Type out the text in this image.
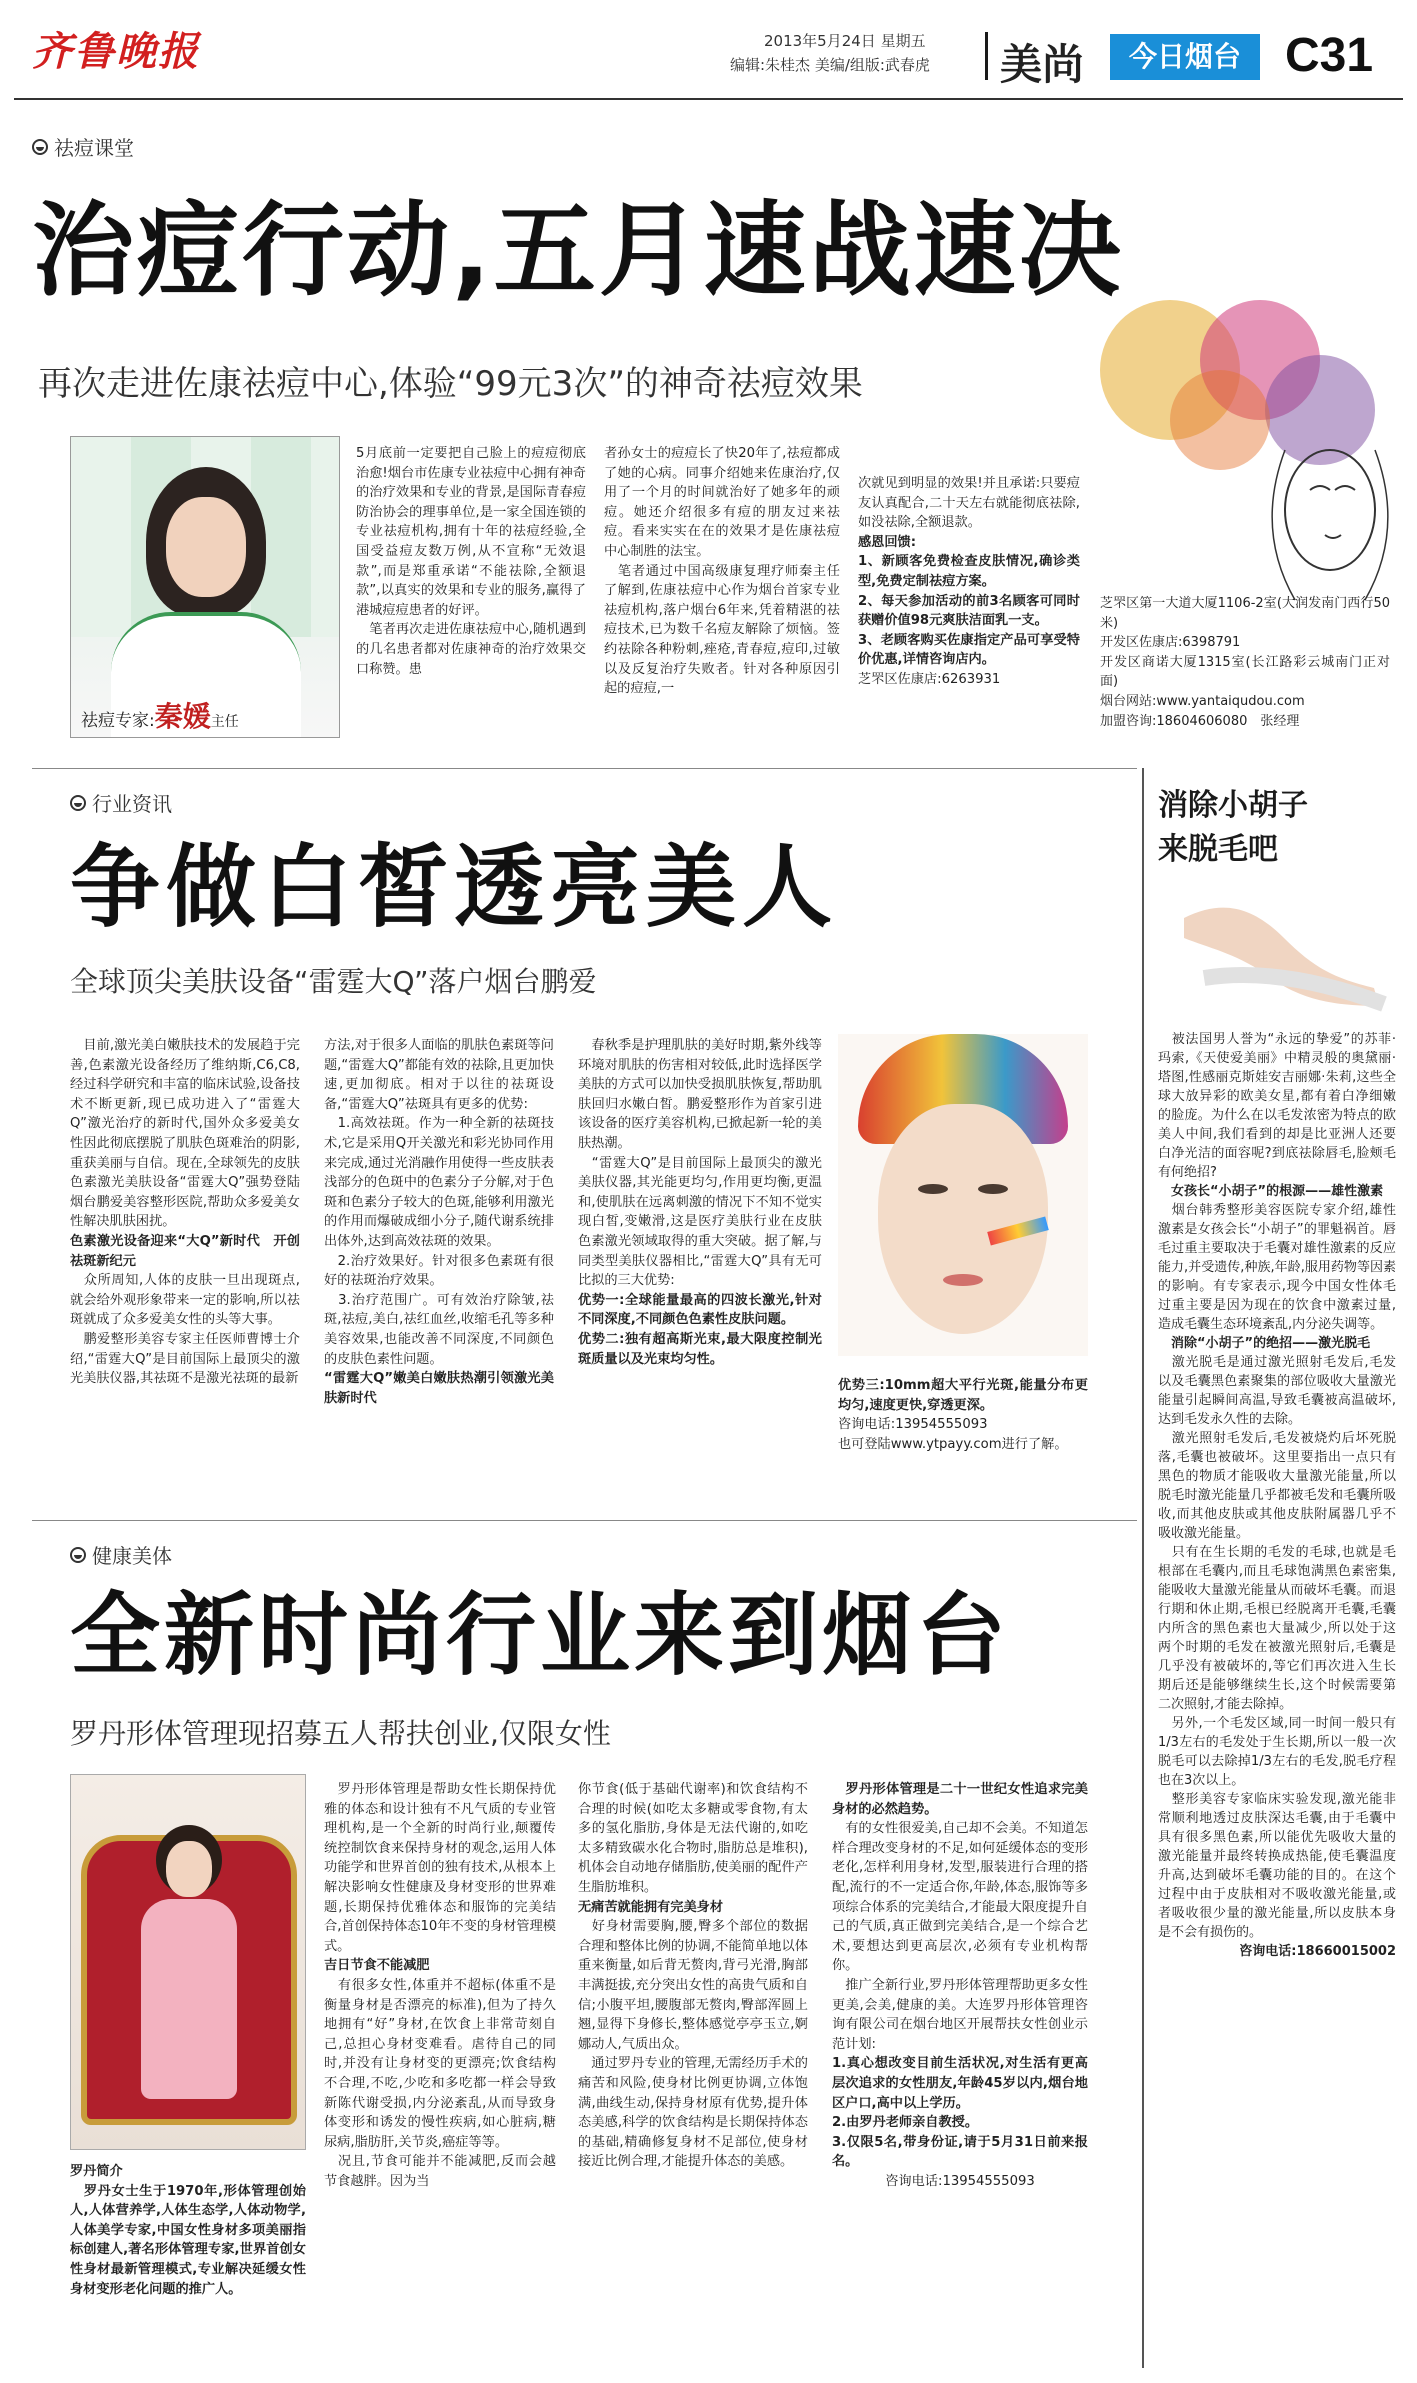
齐鲁晚报	2013年5月24日 星期五
编辑:朱桂杰 美编/组版:武春虎 美尚	今日烟台 C31
祛痘课堂
治痘行动,五月速战速决
再次走进佐康祛痘中心,体验“99元3次”的神奇祛痘效果
祛痘专家:秦媛主任
5月底前一定要把自己脸上的痘痘彻底治愈!烟台市佐康专业祛痘中心拥有神奇的治疗效果和专业的背景,是国际青春痘防治协会的理事单位,是一家全国连锁的专业祛痘机构,拥有十年的祛痘经验,全国受益痘友数万例,从不宣称“无效退款”,而是郑重承诺“不能祛除,全额退款”,以真实的效果和专业的服务,赢得了港城痘痘患者的好评。
　笔者再次走进佐康祛痘中心,随机遇到的几名患者都对佐康神奇的治疗效果交口称赞。患
者孙女士的痘痘长了快20年了,祛痘都成了她的心病。同事介绍她来佐康治疗,仅用了一个月的时间就治好了她多年的顽痘。她还介绍很多有痘的朋友过来祛痘。看来实实在在的效果才是佐康祛痘中心制胜的法宝。
　笔者通过中国高级康复理疗师秦主任了解到,佐康祛痘中心作为烟台首家专业祛痘机构,落户烟台6年来,凭着精湛的祛痘技术,已为数千名痘友解除了烦恼。签约祛除各种粉刺,痤疮,青春痘,痘印,过敏以及反复治疗失败者。针对各种原因引起的痘痘,一
次就见到明显的效果!并且承诺:只要痘友认真配合,二十天左右就能彻底祛除,如没祛除,全额退款。
感恩回馈:
1、新顾客免费检查皮肤情况,确诊类型,免费定制祛痘方案。
2、每天参加活动的前3名顾客可同时获赠价值98元爽肤洁面乳一支。
3、老顾客购买佐康指定产品可享受特价优惠,详情咨询店内。
芝罘区佐康店:6263931
芝罘区第一大道大厦1106-2室(大润发南门西行50米)
开发区佐康店:6398791
开发区商诺大厦1315室(长江路彩云城南门正对面)
烟台网站:www.yantaiqudou.com
加盟咨询:18604606080　张经理
行业资讯
争做白皙透亮美人
全球顶尖美肤设备“雷霆大Q”落户烟台鹏爱
　目前,激光美白嫩肤技术的发展趋于完善,色素激光设备经历了维纳斯,C6,C8,经过科学研究和丰富的临床试验,设备技术不断更新,现已成功进入了“雷霆大Q”激光治疗的新时代,国外众多爱美女性因此彻底摆脱了肌肤色斑难治的阴影,重获美丽与自信。现在,全球领先的皮肤色素激光美肤设备“雷霆大Q”强势登陆烟台鹏爱美容整形医院,帮助众多爱美女性解决肌肤困扰。
色素激光设备迎来“大Q”新时代　开创祛斑新纪元
　众所周知,人体的皮肤一旦出现斑点,就会给外观形象带来一定的影响,所以祛斑就成了众多爱美女性的头等大事。
　鹏爱整形美容专家主任医师曹博士介绍,“雷霆大Q”是目前国际上最顶尖的激光美肤仪器,其祛斑不是激光祛斑的最新
方法,对于很多人面临的肌肤色素斑等问题,“雷霆大Q”都能有效的祛除,且更加快速,更加彻底。相对于以往的祛斑设备,“雷霆大Q”祛斑具有更多的优势:
　1.高效祛斑。作为一种全新的祛斑技术,它是采用Q开关激光和彩光协同作用来完成,通过光消融作用使得一些皮肤表浅部分的色斑中的色素分子分解,对于色斑和色素分子较大的色斑,能够利用激光的作用而爆破成细小分子,随代谢系统排出体外,达到高效祛斑的效果。
　2.治疗效果好。针对很多色素斑有很好的祛斑治疗效果。
　3.治疗范围广。可有效治疗除皱,祛斑,祛痘,美白,祛红血丝,收缩毛孔等多种美容效果,也能改善不同深度,不同颜色的皮肤色素性问题。
“雷霆大Q”嫩美白嫩肤热潮引领激光美肤新时代
　春秋季是护理肌肤的美好时期,紫外线等环境对肌肤的伤害相对较低,此时选择医学美肤的方式可以加快受损肌肤恢复,帮助肌肤回归水嫩白皙。鹏爱整形作为首家引进该设备的医疗美容机构,已掀起新一轮的美肤热潮。
　“雷霆大Q”是目前国际上最顶尖的激光美肤仪器,其光能更均匀,作用更均衡,更温和,使肌肤在远离刺激的情况下不知不觉实现白皙,变嫩滑,这是医疗美肤行业在皮肤色素激光领域取得的重大突破。据了解,与同类型美肤仪器相比,“雷霆大Q”具有无可比拟的三大优势:
优势一:全球能量最高的四波长激光,针对不同深度,不同颜色色素性皮肤问题。
优势二:独有超高斯光束,最大限度控制光斑质量以及光束均匀性。
优势三:10mm超大平行光斑,能量分布更均匀,速度更快,穿透更深。
咨询电话:13954555093
也可登陆www.ytpayy.com进行了解。
消除小胡子
来脱毛吧
　被法国男人誉为“永远的挚爱”的苏菲·玛索,《天使爱美丽》中精灵般的奥黛丽·塔图,性感丽克斯娃安吉丽娜·朱莉,这些全球大放异彩的欧美女星,都有着白净细嫩的脸庞。为什么在以毛发浓密为特点的欧美人中间,我们看到的却是比亚洲人还要白净光洁的面容呢?到底祛除唇毛,脸颊毛有何绝招?
　女孩长“小胡子”的根源——雄性激素
　烟台韩秀整形美容医院专家介绍,雄性激素是女孩会长“小胡子”的罪魁祸首。唇毛过重主要取决于毛囊对雄性激素的反应能力,并受遗传,种族,年龄,服用药物等因素的影响。有专家表示,现今中国女性体毛过重主要是因为现在的饮食中激素过量,造成毛囊生态环境紊乱,内分泌失调等。
　消除“小胡子”的绝招——激光脱毛
　激光脱毛是通过激光照射毛发后,毛发以及毛囊黑色素聚集的部位吸收大量激光能量引起瞬间高温,导致毛囊被高温破坏,达到毛发永久性的去除。
　激光照射毛发后,毛发被烧灼后坏死脱落,毛囊也被破坏。这里要指出一点只有黑色的物质才能吸收大量激光能量,所以脱毛时激光能量几乎都被毛发和毛囊所吸收,而其他皮肤或其他皮肤附属器几乎不吸收激光能量。
　只有在生长期的毛发的毛球,也就是毛根部在毛囊内,而且毛球饱满黑色素密集,能吸收大量激光能量从而破坏毛囊。而退行期和休止期,毛根已经脱离开毛囊,毛囊内所含的黑色素也大量减少,所以处于这两个时期的毛发在被激光照射后,毛囊是几乎没有被破坏的,等它们再次进入生长期后还是能够继续生长,这个时候需要第二次照射,才能去除掉。
　另外,一个毛发区域,同一时间一般只有1/3左右的毛发处于生长期,所以一般一次脱毛可以去除掉1/3左右的毛发,脱毛疗程也在3次以上。
　整形美容专家临床实验发现,激光能非常顺利地透过皮肤深达毛囊,由于毛囊中具有很多黑色素,所以能优先吸收大量的激光能量并最终转换成热能,使毛囊温度升高,达到破坏毛囊功能的目的。在这个过程中由于皮肤相对不吸收激光能量,或者吸收很少量的激光能量,所以皮肤本身是不会有损伤的。
咨询电话:18660015002
健康美体
全新时尚行业来到烟台
罗丹形体管理现招募五人帮扶创业,仅限女性
罗丹简介
　罗丹女士生于1970年,形体管理创始人,人体营养学,人体生态学,人体动物学,人体美学专家,中国女性身材多项美丽指标创建人,著名形体管理专家,世界首创女性身材最新管理模式,专业解决延缓女性身材变形老化问题的推广人。
　罗丹形体管理是帮助女性长期保持优雅的体态和设计独有不凡气质的专业管理机构,是一个全新的时尚行业,颠覆传统控制饮食来保持身材的观念,运用人体功能学和世界首创的独有技术,从根本上解决影响女性健康及身材变形的世界难题,长期保持优雅体态和服饰的完美结合,首创保持体态10年不变的身材管理模式。
吉日节食不能减肥
　有很多女性,体重并不超标(体重不是衡量身材是否漂亮的标准),但为了持久地拥有“好”身材,在饮食上非常苛刻自己,总担心身材变难看。虐待自己的同时,并没有让身材变的更漂亮;饮食结构不合理,不吃,少吃和多吃都一样会导致新陈代谢受损,内分泌紊乱,从而导致身体变形和诱发的慢性疾病,如心脏病,糖尿病,脂肪肝,关节炎,癌症等等。
　况且,节食可能并不能减肥,反而会越节食越胖。因为当
你节食(低于基础代谢率)和饮食结构不合理的时候(如吃太多糖或零食物,有太多的氢化脂肪,身体是无法代谢的,如吃太多精致碳水化合物时,脂肪总是堆积),机体会自动地存储脂肪,使美丽的配件产生脂肪堆积。
无痛苦就能拥有完美身材
　好身材需要胸,腰,臀多个部位的数据合理和整体比例的协调,不能简单地以体重来衡量,如后背无赘肉,背弓光滑,胸部丰满挺拔,充分突出女性的高贵气质和自信;小腹平坦,腰腹部无赘肉,臀部浑圆上翘,显得下身修长,整体感觉亭亭玉立,婀娜动人,气质出众。
　通过罗丹专业的管理,无需经历手术的痛苦和风险,使身材比例更协调,立体饱满,曲线生动,保持身材原有优势,提升体态美感,科学的饮食结构是长期保持体态的基础,精确修复身材不足部位,使身材接近比例合理,才能提升体态的美感。
　罗丹形体管理是二十一世纪女性追求完美身材的必然趋势。
　有的女性很爱美,自己却不会美。不知道怎样合理改变身材的不足,如何延缓体态的变形老化,怎样利用身材,发型,服装进行合理的搭配,流行的不一定适合你,年龄,体态,服饰等多项综合体系的完美结合,才能最大限度提升自己的气质,真正做到完美结合,是一个综合艺术,要想达到更高层次,必须有专业机构帮你。
　推广全新行业,罗丹形体管理帮助更多女性更美,会美,健康的美。大连罗丹形体管理咨询有限公司在烟台地区开展帮扶女性创业示范计划:
1.真心想改变目前生活状况,对生活有更高层次追求的女性朋友,年龄45岁以内,烟台地区户口,高中以上学历。
2.由罗丹老师亲自教授。
3.仅限5名,带身份证,请于5月31日前来报名。
咨询电话:13954555093
